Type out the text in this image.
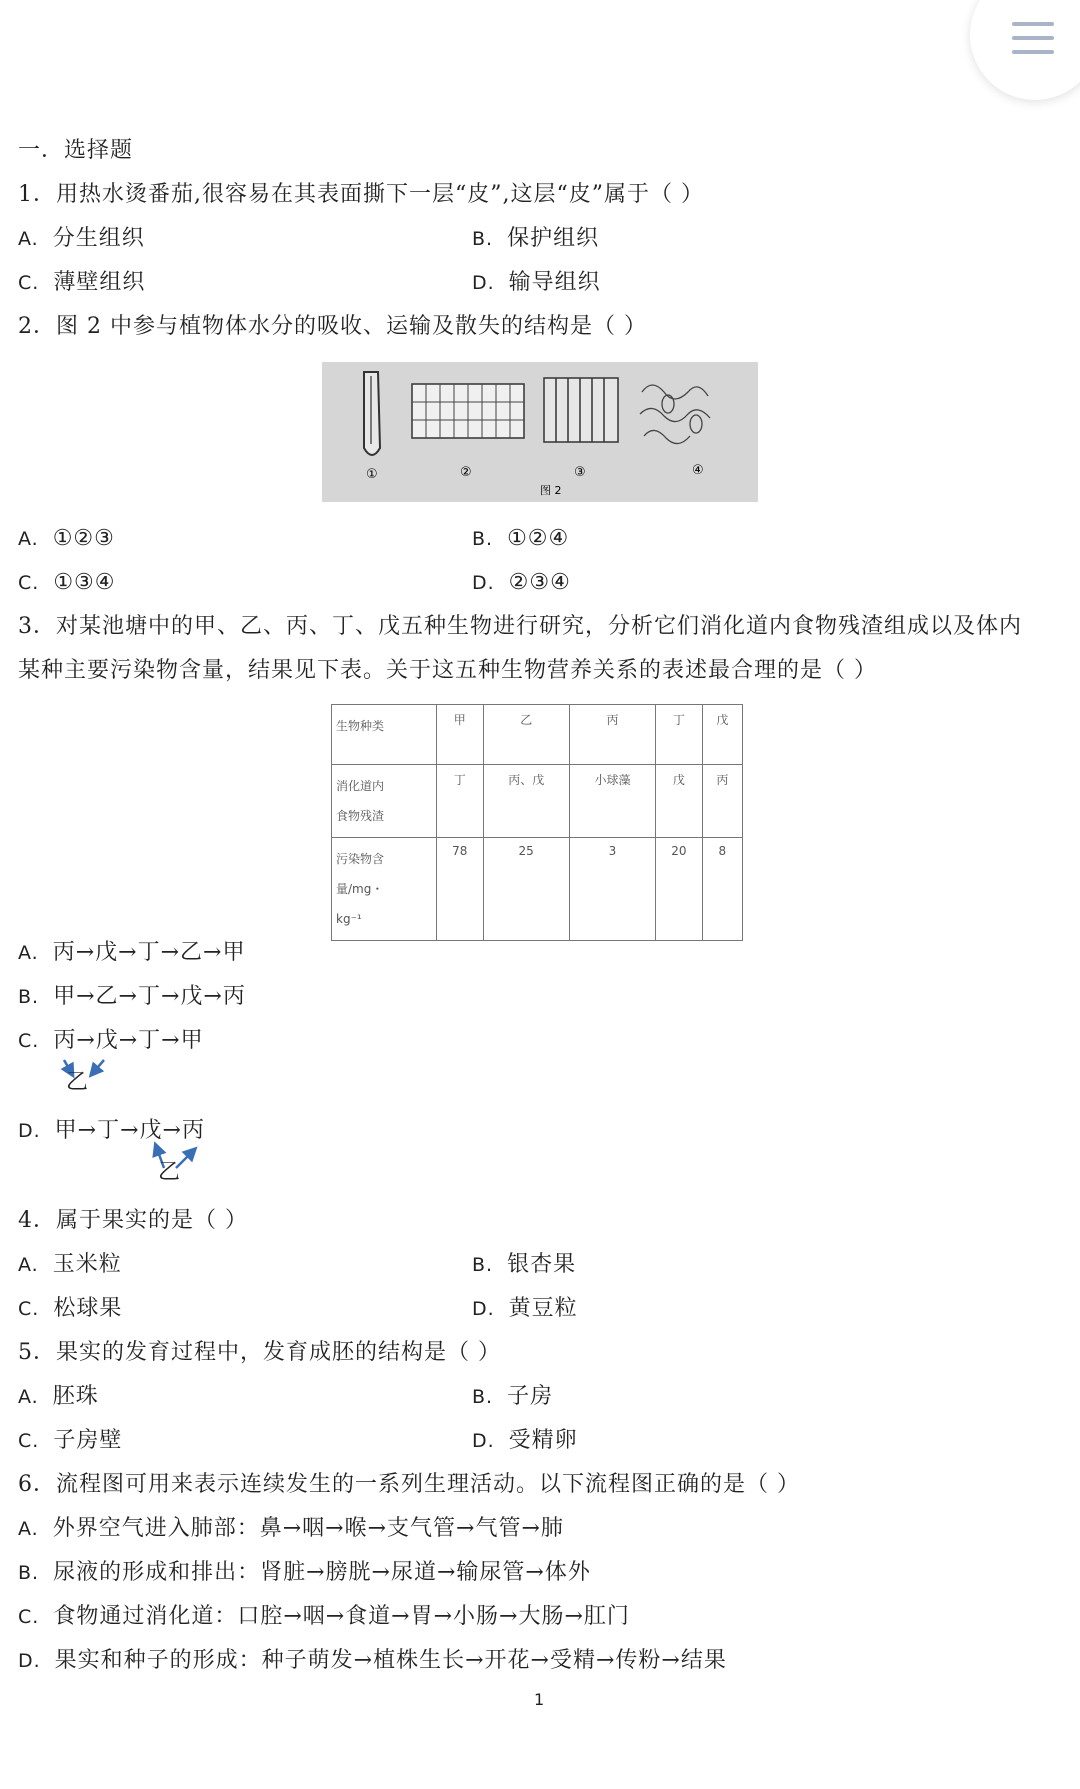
一．选择题
1．用热水烫番茄,很容易在其表面撕下一层“皮”,这层“皮”属于（ ）
A. 分生组织	B. 保护组织
C. 薄壁组织	D. 输导组织
2．图 2 中参与植物体水分的吸收、运输及散失的结构是（ ）
①	②	③	④
图 2
A. ①②③	B. ①②④
C. ①③④	D. ②③④
3．对某池塘中的甲、乙、丙、丁、戊五种生物进行研究，分析它们消化道内食物残渣组成以及体内
某种主要污染物含量，结果见下表。关于这五种生物营养关系的表述最合理的是（ ）
生物种类	甲	乙	丙	丁	戊
消化道内
食物残渣	丁	丙、戊	小球藻	戊	丙
污染物含
量/mg・
kg⁻¹	78	25	3	20	8
A. 丙→戊→丁→乙→甲
B. 甲→乙→丁→戊→丙
C. 丙→戊→丁→甲
乙
D. 甲→丁→戊→丙
乙
4．属于果实的是（ ）
A. 玉米粒	B. 银杏果
C. 松球果	D. 黄豆粒
5．果实的发育过程中，发育成胚的结构是（ ）
A. 胚珠	B. 子房
C. 子房壁	D. 受精卵
6．流程图可用来表示连续发生的一系列生理活动。以下流程图正确的是（ ）
A. 外界空气进入肺部：鼻→咽→喉→支气管→气管→肺
B. 尿液的形成和排出：肾脏→膀胱→尿道→输尿管→体外
C. 食物通过消化道：口腔→咽→食道→胃→小肠→大肠→肛门
D. 果实和种子的形成：种子萌发→植株生长→开花→受精→传粉→结果
1
